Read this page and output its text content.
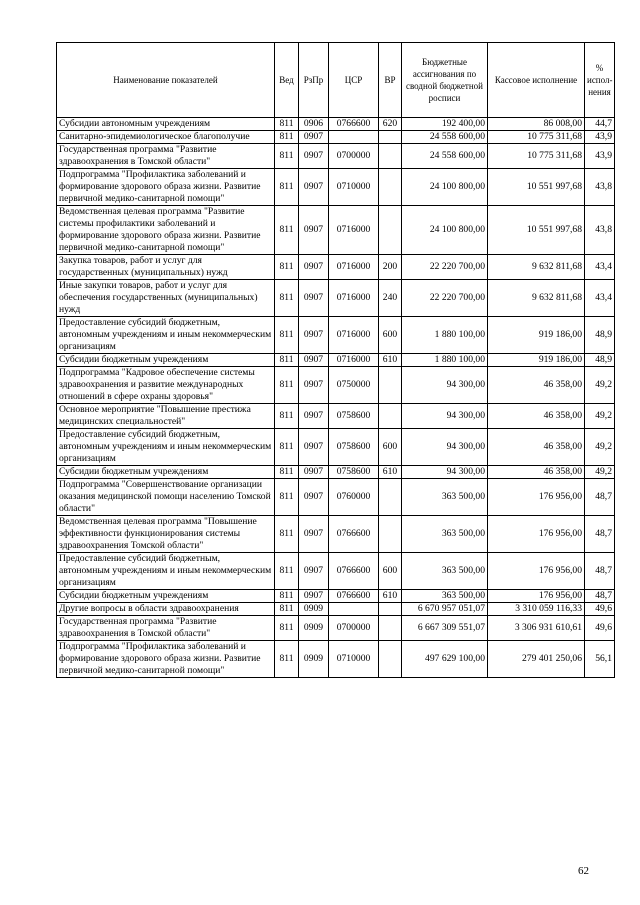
Наименование показателей	Вед	РзПр	ЦСР	ВР	Бюджетные ассигнования по сводной бюджетной росписи	Кассовое исполнение	% испол- нения
Субсидии автономным учреждениям	811	0906	0766600	620	192 400,00	86 008,00	44,7
Санитарно-эпидемиологическое благополучие	811	0907			24 558 600,00	10 775 311,68	43,9
Государственная программа "Развитие здравоохранения в Томской области"	811	0907	0700000		24 558 600,00	10 775 311,68	43,9
Подпрограмма "Профилактика заболеваний и формирование здорового образа жизни. Развитие первичной медико-санитарной помощи"	811	0907	0710000		24 100 800,00	10 551 997,68	43,8
Ведомственная целевая программа "Развитие системы профилактики заболеваний и формирование здорового образа жизни. Развитие первичной медико-санитарной помощи"	811	0907	0716000		24 100 800,00	10 551 997,68	43,8
Закупка товаров, работ и услуг для государственных (муниципальных) нужд	811	0907	0716000	200	22 220 700,00	9 632 811,68	43,4
Иные закупки товаров, работ и услуг для обеспечения государственных (муниципальных) нужд	811	0907	0716000	240	22 220 700,00	9 632 811,68	43,4
Предоставление субсидий бюджетным, автономным учреждениям и иным некоммерческим организациям	811	0907	0716000	600	1 880 100,00	919 186,00	48,9
Субсидии бюджетным учреждениям	811	0907	0716000	610	1 880 100,00	919 186,00	48,9
Подпрограмма "Кадровое обеспечение системы здравоохранения и развитие международных отношений в сфере охраны здоровья"	811	0907	0750000		94 300,00	46 358,00	49,2
Основное мероприятие "Повышение престижа медицинских специальностей"	811	0907	0758600		94 300,00	46 358,00	49,2
Предоставление субсидий бюджетным, автономным учреждениям и иным некоммерческим организациям	811	0907	0758600	600	94 300,00	46 358,00	49,2
Субсидии бюджетным учреждениям	811	0907	0758600	610	94 300,00	46 358,00	49,2
Подпрограмма "Совершенствование организации оказания медицинской помощи населению Томской области"	811	0907	0760000		363 500,00	176 956,00	48,7
Ведомственная целевая программа "Повышение эффективности функционирования системы здравоохранения Томской области"	811	0907	0766600		363 500,00	176 956,00	48,7
Предоставление субсидий бюджетным, автономным учреждениям и иным некоммерческим организациям	811	0907	0766600	600	363 500,00	176 956,00	48,7
Субсидии бюджетным учреждениям	811	0907	0766600	610	363 500,00	176 956,00	48,7
Другие вопросы в области здравоохранения	811	0909			6 670 957 051,07	3 310 059 116,33	49,6
Государственная программа "Развитие здравоохранения в Томской области"	811	0909	0700000		6 667 309 551,07	3 306 931 610,61	49,6
Подпрограмма "Профилактика заболеваний и формирование здорового образа жизни. Развитие первичной медико-санитарной помощи"	811	0909	0710000		497 629 100,00	279 401 250,06	56,1
62
